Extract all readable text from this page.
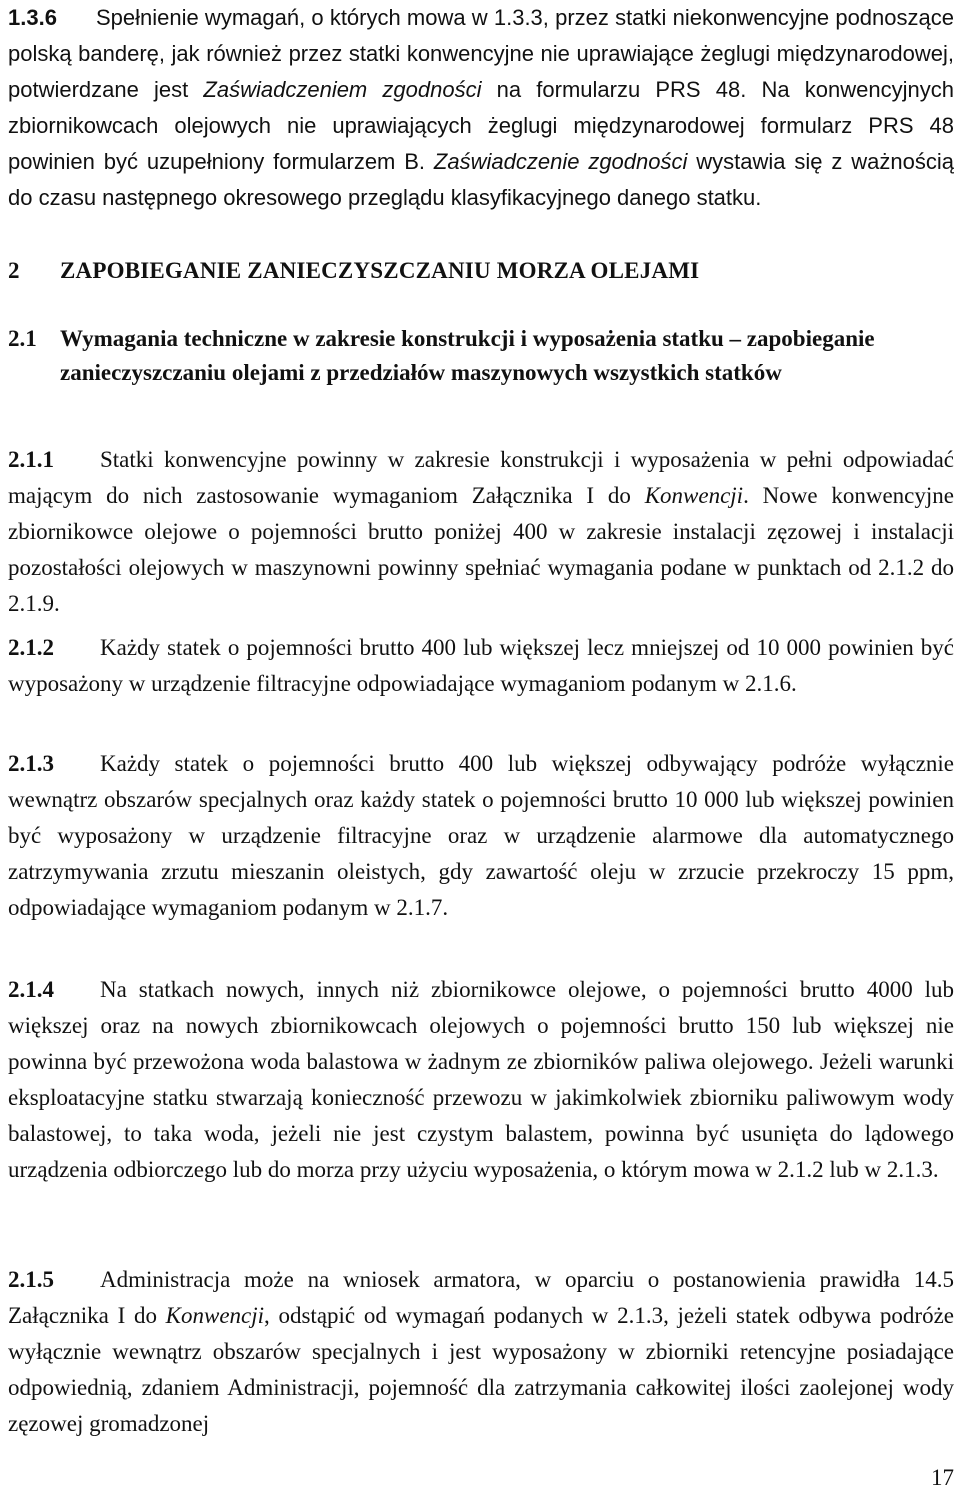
1.3.6 Spełnienie wymagań, o których mowa w 1.3.3, przez statki niekonwencyjne podnoszące polską banderę, jak również przez statki konwencyjne nie uprawiające żeglugi międzynarodowej, potwierdzane jest Zaświadczeniem zgodności na formularzu PRS 48. Na konwencyjnych zbiornikowcach olejowych nie uprawiających żeglugi międzynarodowej formularz PRS 48 powinien być uzupełniony formularzem B. Zaświadczenie zgodności wystawia się z ważnością do czasu następnego okresowego przeglądu klasyfikacyjnego danego statku.

2 ZAPOBIEGANIE ZANIECZYSZCZANIU MORZA OLEJAMI
2.1	Wymagania techniczne w zakresie konstrukcji i wyposażenia statku – zapobieganie zanieczyszczaniu olejami z przedziałów maszynowych wszystkich statków

2.1.1 Statki konwencyjne powinny w zakresie konstrukcji i wyposażenia w pełni odpowiadać mającym do nich zastosowanie wymaganiom Załącznika I do Konwencji. Nowe konwencyjne zbiornikowce olejowe o pojemności brutto poniżej 400 w zakresie instalacji zęzowej i instalacji pozostałości olejowych w maszynowni powinny spełniać wymagania podane w punktach od 2.1.2 do 2.1.9.

2.1.2 Każdy statek o pojemności brutto 400 lub większej lecz mniejszej od 10 000 powinien być wyposażony w urządzenie filtracyjne odpowiadające wymaganiom podanym w 2.1.6.

2.1.3 Każdy statek o pojemności brutto 400 lub większej odbywający podróże wyłącznie wewnątrz obszarów specjalnych oraz każdy statek o pojemności brutto 10 000 lub większej powinien być wyposażony w urządzenie filtracyjne oraz w urządzenie alarmowe dla automatycznego zatrzymywania zrzutu mieszanin oleistych, gdy zawartość oleju w zrzucie przekroczy 15 ppm, odpowiadające wymaganiom podanym w 2.1.7.

2.1.4 Na statkach nowych, innych niż zbiornikowce olejowe, o pojemności brutto 4000 lub większej oraz na nowych zbiornikowcach olejowych o pojemności brutto 150 lub większej nie powinna być przewożona woda balastowa w żadnym ze zbiorników paliwa olejowego. Jeżeli warunki eksploatacyjne statku stwarzają konieczność przewozu w jakimkolwiek zbiorniku paliwowym wody balastowej, to taka woda, jeżeli nie jest czystym balastem, powinna być usunięta do lądowego urządzenia odbiorczego lub do morza przy użyciu wyposażenia, o którym mowa w 2.1.2 lub w 2.1.3.

2.1.5 Administracja może na wniosek armatora, w oparciu o postanowienia prawidła 14.5 Załącznika I do Konwencji, odstąpić od wymagań podanych w 2.1.3, jeżeli statek odbywa podróże wyłącznie wewnątrz obszarów specjalnych i jest wyposażony w zbiorniki retencyjne posiadające odpowiednią, zdaniem Administracji, pojemność dla zatrzymania całkowitej ilości zaolejonej wody zęzowej gromadzonej

17
